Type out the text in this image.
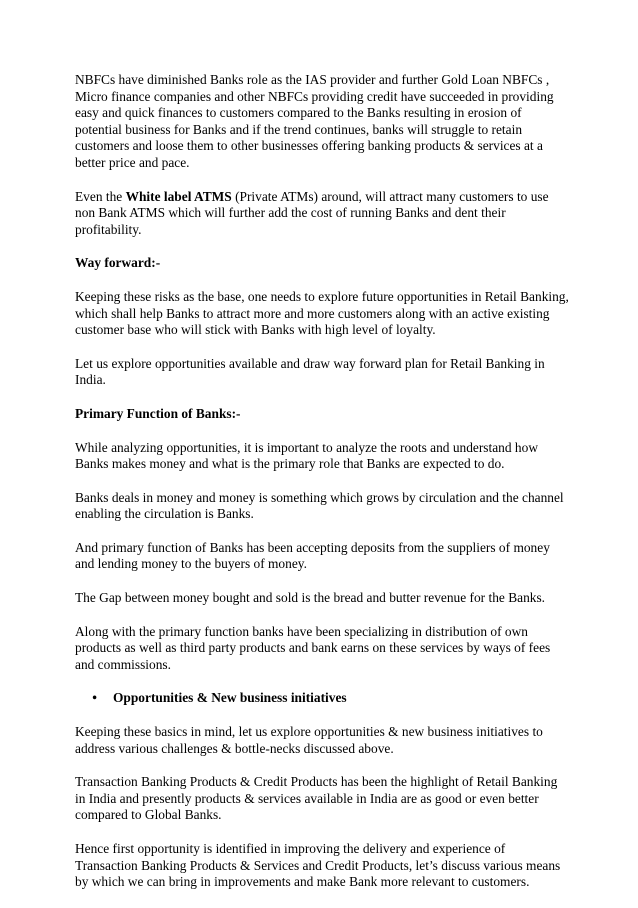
NBFCs have diminished Banks role as the IAS provider and further Gold Loan NBFCs , Micro finance companies and other NBFCs providing credit have succeeded in providing easy and quick finances to customers compared to the Banks resulting in erosion of potential business for Banks and if the trend continues, banks will struggle to retain customers and loose them to other businesses offering banking products & services at a better price and pace.

Even the White label ATMS (Private ATMs) around, will attract many customers to use non Bank ATMS which will further add the cost of running Banks and dent their profitability.

Way forward:-

Keeping these risks as the base, one needs to explore future opportunities in Retail Banking, which shall help Banks to attract more and more customers along with an active existing customer base who will stick with Banks with high level of loyalty.

Let us explore opportunities available and draw way forward plan for Retail Banking in India.

Primary Function of Banks:-

While analyzing opportunities, it is important to analyze the roots and understand how Banks makes money and what is the primary role that Banks are expected to do.

Banks deals in money and money is something which grows by circulation and the channel enabling the circulation is Banks.

And primary function of Banks has been accepting deposits from the suppliers of money and lending money to the buyers of money.

The Gap between money bought and sold is the bread and butter revenue for the Banks.

Along with the primary function banks have been specializing in distribution of own products as well as third party products and bank earns on these services by ways of fees and commissions.

•	Opportunities & New business initiatives

Keeping these basics in mind, let us explore opportunities & new business initiatives to address various challenges & bottle-necks discussed above.

Transaction Banking Products & Credit Products has been the highlight of Retail Banking in India and presently products & services available in India are as good or even better compared to Global Banks.

Hence first opportunity is identified in improving the delivery and experience of Transaction Banking Products & Services and Credit Products, let’s discuss various means by which we can bring in improvements and make Bank more relevant to customers.
